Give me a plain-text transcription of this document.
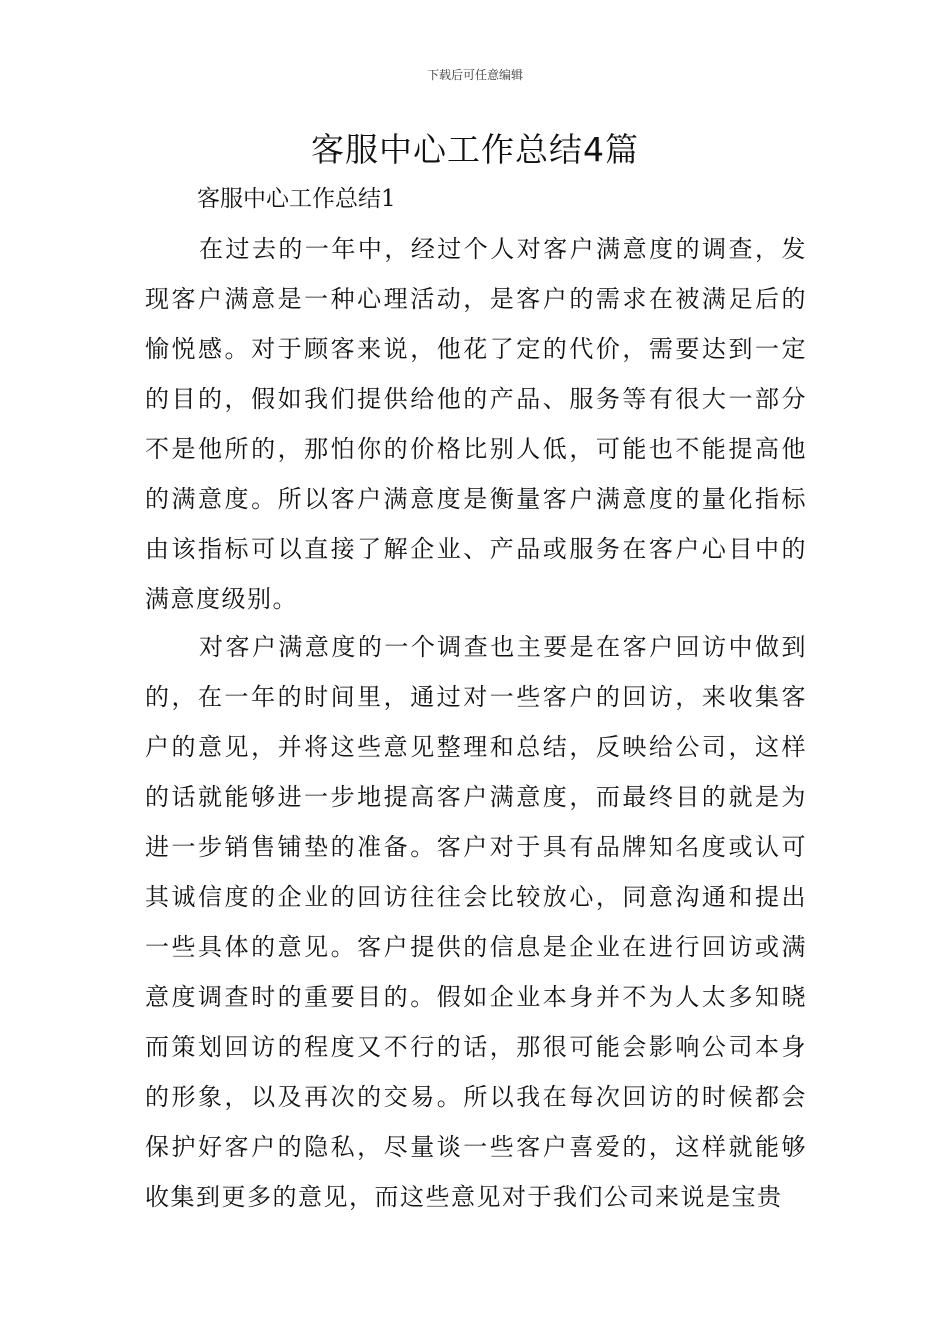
下载后可任意编辑
客服中心工作总结4篇
客服中心工作总结1

在过去的一年中，经过个人对客户满意度的调查，发现客户满意是一种心理活动，是客户的需求在被满足后的愉悦感。对于顾客来说，他花了定的代价，需要达到一定的目的，假如我们提供给他的产品、服务等有很大一部分不是他所的，那怕你的价格比别人低，可能也不能提高他的满意度。所以客户满意度是衡量客户满意度的量化指标由该指标可以直接了解企业、产品或服务在客户心目中的满意度级别。

对客户满意度的一个调查也主要是在客户回访中做到的，在一年的时间里，通过对一些客户的回访，来收集客户的意见，并将这些意见整理和总结，反映给公司，这样的话就能够进一步地提高客户满意度，而最终目的就是为进一步销售铺垫的准备。客户对于具有品牌知名度或认可其诚信度的企业的回访往往会比较放心，同意沟通和提出一些具体的意见。客户提供的信息是企业在进行回访或满意度调查时的重要目的。假如企业本身并不为人太多知晓而策划回访的程度又不行的话，那很可能会影响公司本身的形象，以及再次的交易。所以我在每次回访的时候都会保护好客户的隐私，尽量谈一些客户喜爱的，这样就能够收集到更多的意见，而这些意见对于我们公司来说是宝贵
